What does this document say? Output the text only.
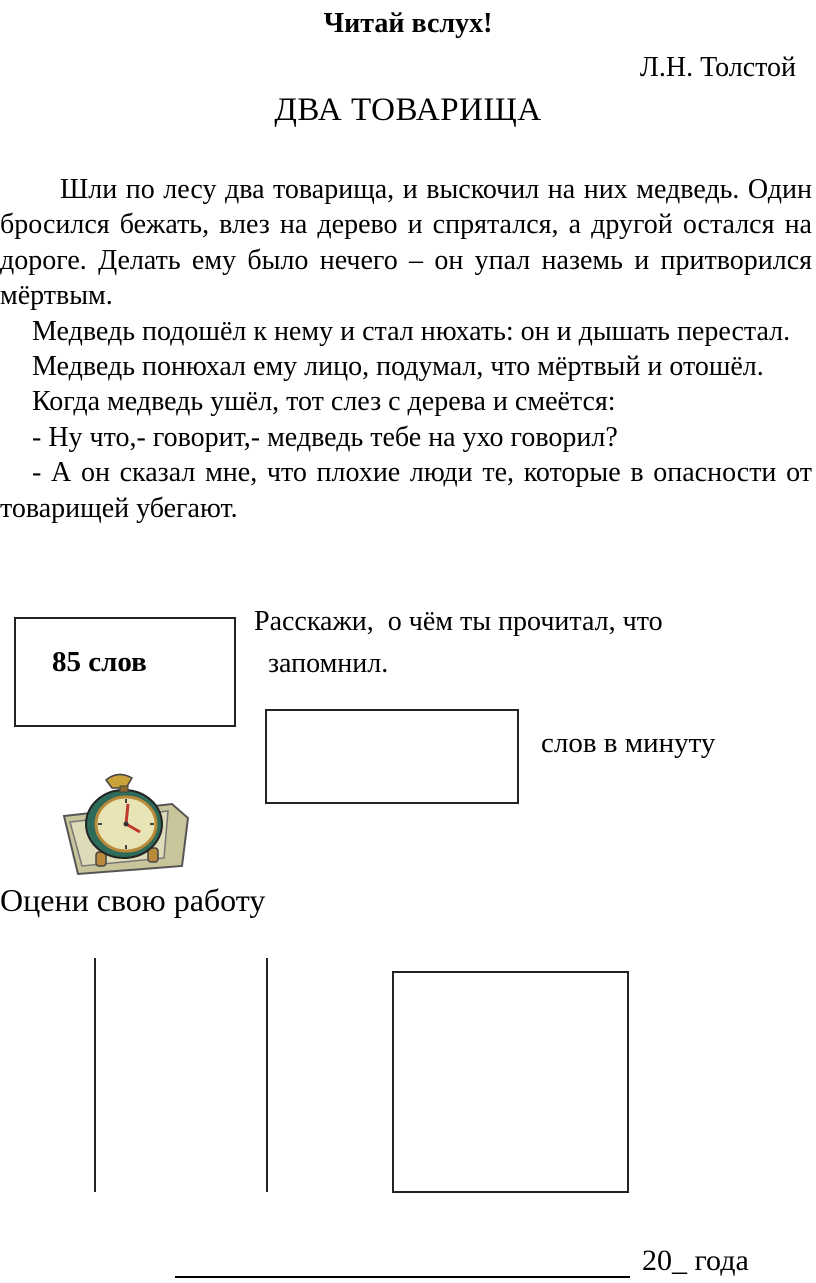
Читай вслух!
Л.Н. Толстой
ДВА ТОВАРИЩА

Шли по лесу два товарища, и выскочил на них медведь. Один бросился бежать, влез на дерево и спрятался, а другой остался на дороге. Делать ему было нечего – он упал наземь и притворился мёртвым.

Медведь подошёл к нему и стал нюхать: он и дышать перестал.

Медведь понюхал ему лицо, подумал, что мёртвый и отошёл.

Когда медведь ушёл, тот слез с дерева и смеётся:

- Ну что,- говорит,- медведь тебе на ухо говорил?

- А он сказал мне, что плохие люди те, которые в опасности от товарищей убегают.

85 слов
Расскажи,  о чём ты прочитал, что
запомнил.
слов в минуту
Оцени свою работу
20_ года
